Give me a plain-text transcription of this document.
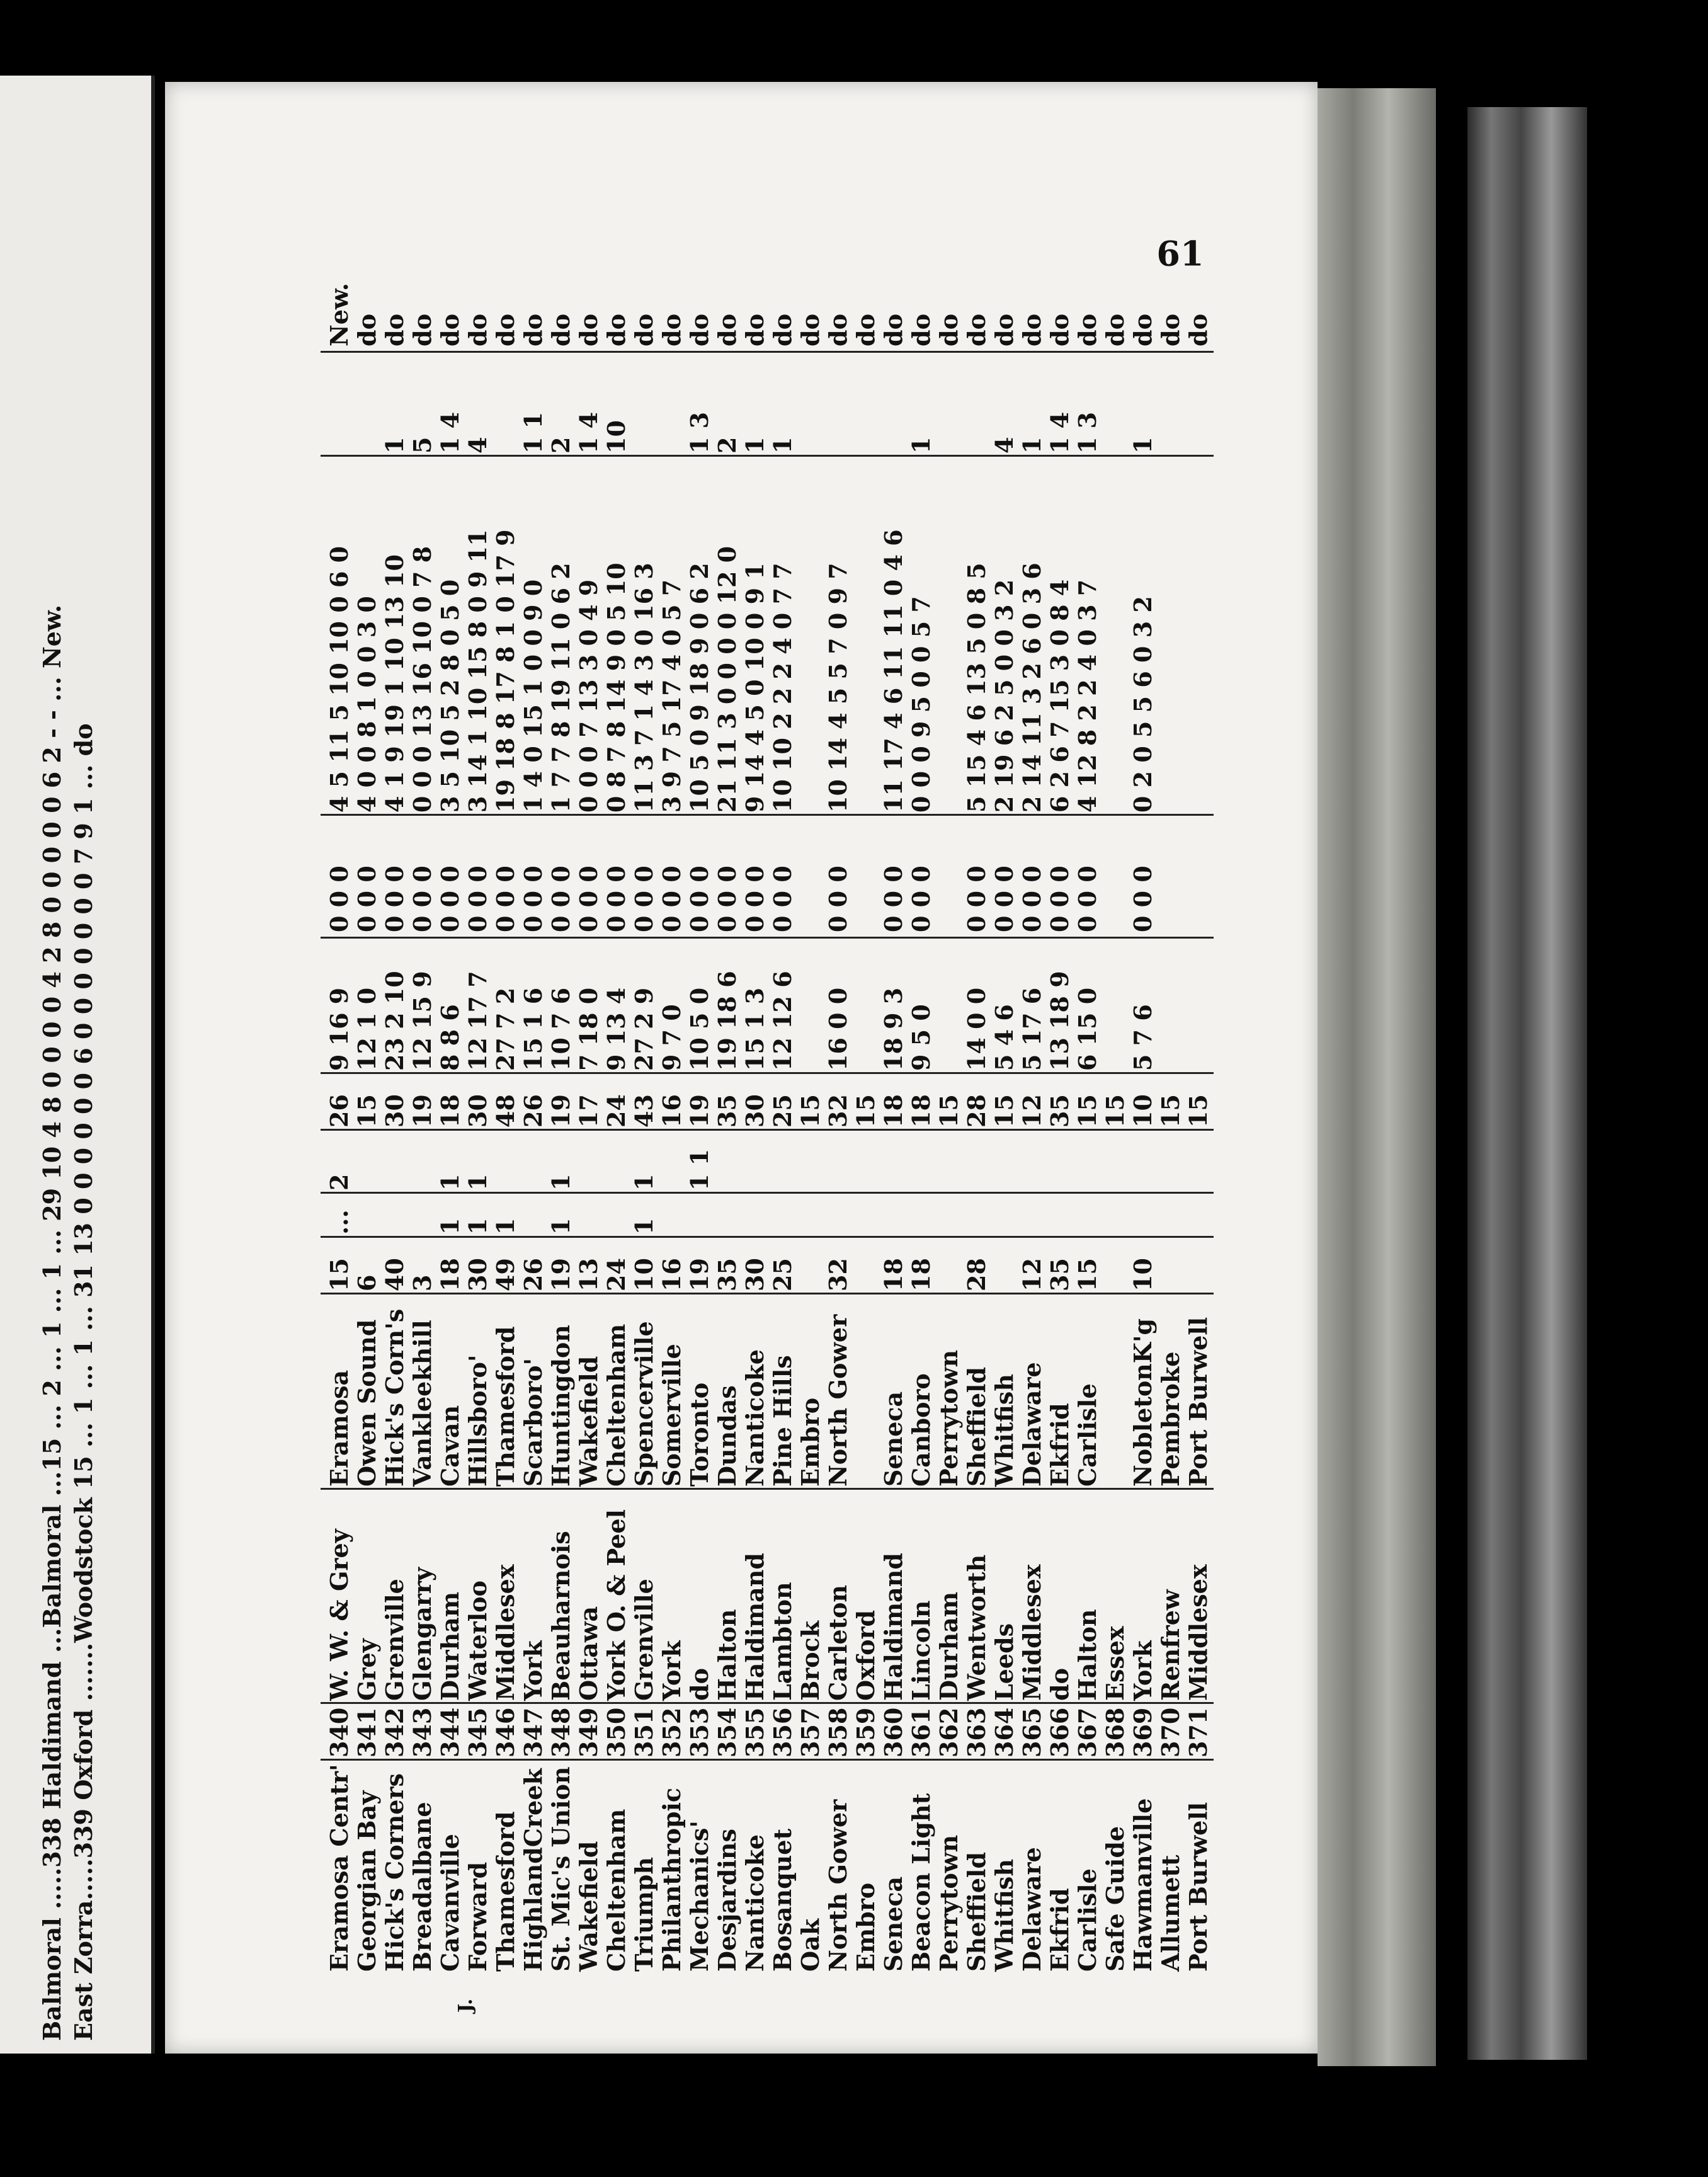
Balmoral .....338 Haldimand ...Balmoral ...15 ... 2 ... 1 ... 1 ... 29 10 4 8 0 0 0 0 4 2 8 0 0 0 0 0 6 2 - - ... New. East Zorra.....339 Oxford .......Woodstock 15 ... 1 ... 1 ... 31 13 0 0 0 0 0 0 6 0 0 0 0 0 0 0 7 9 1 ... do
61
J.
Eramosa Centr'
340
W. W. & Grey
Eramosa
15
...
2
26
9 16 9
0 0 0
4 5 11 5 10 10 0 6 0
New.
Georgian Bay
341
Grey
Owen Sound
6
15
12 1 0
0 0 0
4 0 0 8 1 0 0 3 0
do
Hick's Corners
342
Grenville
Hick's Corn's
40
30
23 2 10
0 0 0
4 1 9 19 1 10 13 10
1
do
Breadalbane
343
Glengarry
Vankleekhill
3
19
12 15 9
0 0 0
0 0 0 13 16 10 0 7 8
5
do
Cavanville
344
Durham
Cavan
18
1
1
18
8 8 6
0 0 0
3 5 10 5 2 8 0 5 0
1 4
do
Forward
345
Waterloo
Hillsboro'
30
1
1
30
12 17 7
0 0 0
3 14 1 10 15 8 0 9 11
4
do
Thamesford
346
Middlesex
Thamesford
49
1
48
27 7 2
0 0 0
19 18 8 17 8 1 0 17 9
do
HighlandCreek
347
York
Scarboro'
26
26
15 1 6
0 0 0
1 4 0 15 1 0 0 9 0
1 1
do
St. Mic's Union
348
Beauharnois
Huntingdon
19
1
1
19
10 7 6
0 0 0
1 7 7 8 19 11 0 6 2
2
do
Wakefield
349
Ottawa
Wakefield
13
17
7 18 0
0 0 0
0 0 0 7 13 3 0 4 9
1 4
do
Cheltenham
350
York O. & Peel
Cheltenham
24
24
9 13 4
0 0 0
0 8 7 8 14 9 0 5 10
10
do
Triumph
351
Grenville
Spencerville
10
1
1
43
27 2 9
0 0 0
11 3 7 1 4 3 0 16 3
do
Philanthropic
352
York
Somerville
16
16
9 7 0
0 0 0
3 9 7 5 17 4 0 5 7
do
Mechanics'
353
do
Toronto
19
1 1
19
10 5 0
0 0 0
10 5 0 9 18 9 0 6 2
1 3
do
Desjardins
354
Halton
Dundas
35
35
19 18 6
0 0 0
21 11 3 0 0 0 0 12 0
2
do
Nanticoke
355
Haldimand
Nanticoke
30
30
15 1 3
0 0 0
9 14 4 5 0 10 0 9 1
1
do
Bosanquet
356
Lambton
Pine Hills
25
25
12 12 6
0 0 0
10 10 2 2 2 4 0 7 7
1
do
Oak
357
Brock
Embro
15
do
North Gower
358
Carleton
North Gower
32
32
16 0 0
0 0 0
10 14 4 5 5 7 0 9 7
do
Embro
359
Oxford
15
do
Seneca
360
Haldimand
Seneca
18
18
18 9 3
0 0 0
11 17 4 6 11 11 0 4 6
do
Beacon Light
361
Lincoln
Canboro
18
18
9 5 0
0 0 0
0 0 0 9 5 0 0 5 7
1
do
Perrytown
362
Durham
Perrytown
15
do
Sheffield
363
Wentworth
Sheffield
28
28
14 0 0
0 0 0
5 15 4 6 13 5 0 8 5
do
Whitfish
364
Leeds
Whitfish
15
5 4 6
0 0 0
2 19 6 2 5 0 0 3 2
4
do
Delaware
365
Middlesex
Delaware
12
12
5 17 6
0 0 0
2 14 11 3 2 6 0 3 6
1
do
Ekfrid
366
do
Ekfrid
35
35
13 18 9
0 0 0
6 2 6 7 15 3 0 8 4
1 4
do
Carlisle
367
Halton
Carlisle
15
15
6 15 0
0 0 0
4 12 8 2 2 4 0 3 7
1 3
do
Safe Guide
368
Essex
15
do
Hawmanville
369
York
NobletonK'g
10
10
5 7 6
0 0 0
0 2 0 5 5 6 0 3 2
1
do
Allumett
370
Renfrew
Pembroke
15
do
Port Burwell
371
Middlesex
Port Burwell
15
do
